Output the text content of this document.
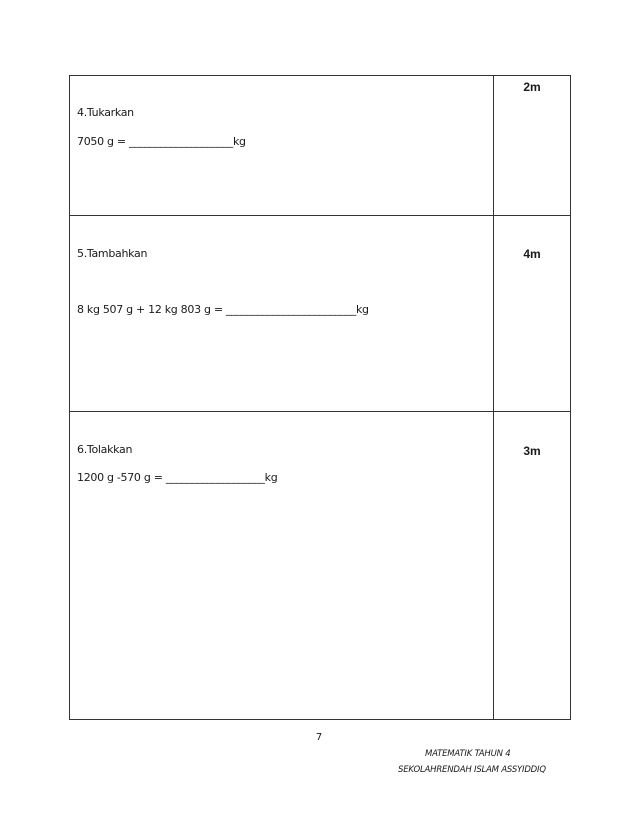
4.Tukarkan

7050 g = ____________________kg	2m

5.Tambahkan

8 kg 507 g + 12 kg 803 g = _________________________kg	4m

6.Tolakkan

1200 g -570 g = ___________________kg	3m
7
MATEMATIK TAHUN 4
SEKOLAHRENDAH ISLAM ASSYIDDIQ
